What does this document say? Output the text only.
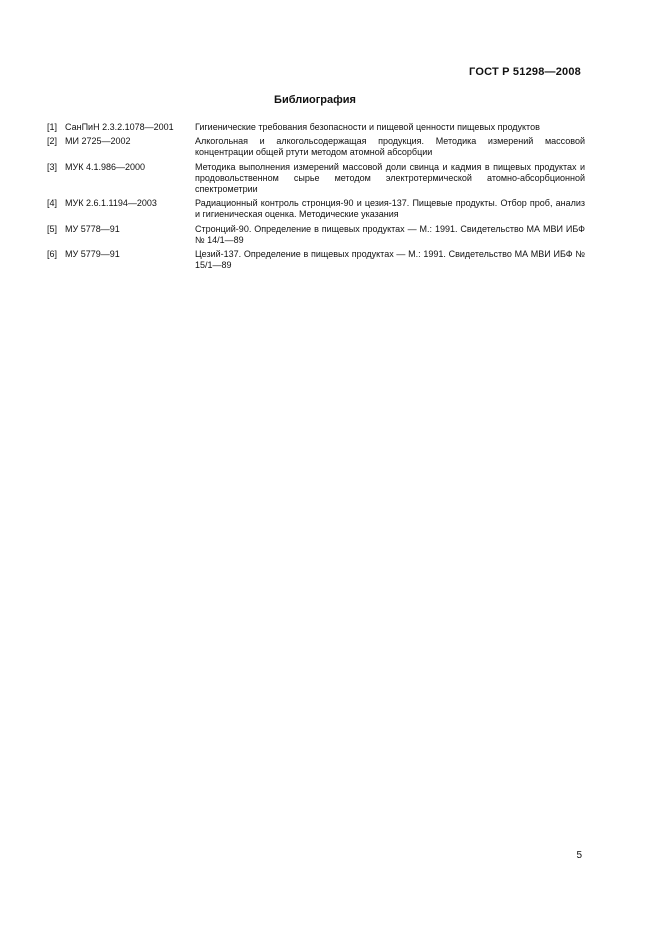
ГОСТ Р 51298—2008
Библиография
[1] СанПиН 2.3.2.1078—2001	Гигиенические требования безопасности и пищевой ценности пищевых продуктов
[2] МИ 2725—2002	Алкогольная и алкогольсодержащая продукция. Методика измерений массовой концентрации общей ртути методом атомной абсорбции
[3] МУК 4.1.986—2000	Методика выполнения измерений массовой доли свинца и кадмия в пищевых продуктах и продовольственном сырье методом электротермической атомно-абсорбционной спектрометрии
[4] МУК 2.6.1.1194—2003	Радиационный контроль стронция-90 и цезия-137. Пищевые продукты. Отбор проб, анализ и гигиеническая оценка. Методические указания
[5] МУ 5778—91	Стронций-90. Определение в пищевых продуктах — М.: 1991. Свидетельство МА МВИ ИБФ № 14/1—89
[6] МУ 5779—91	Цезий-137. Определение в пищевых продуктах — М.: 1991. Свидетельство МА МВИ ИБФ № 15/1—89
5
